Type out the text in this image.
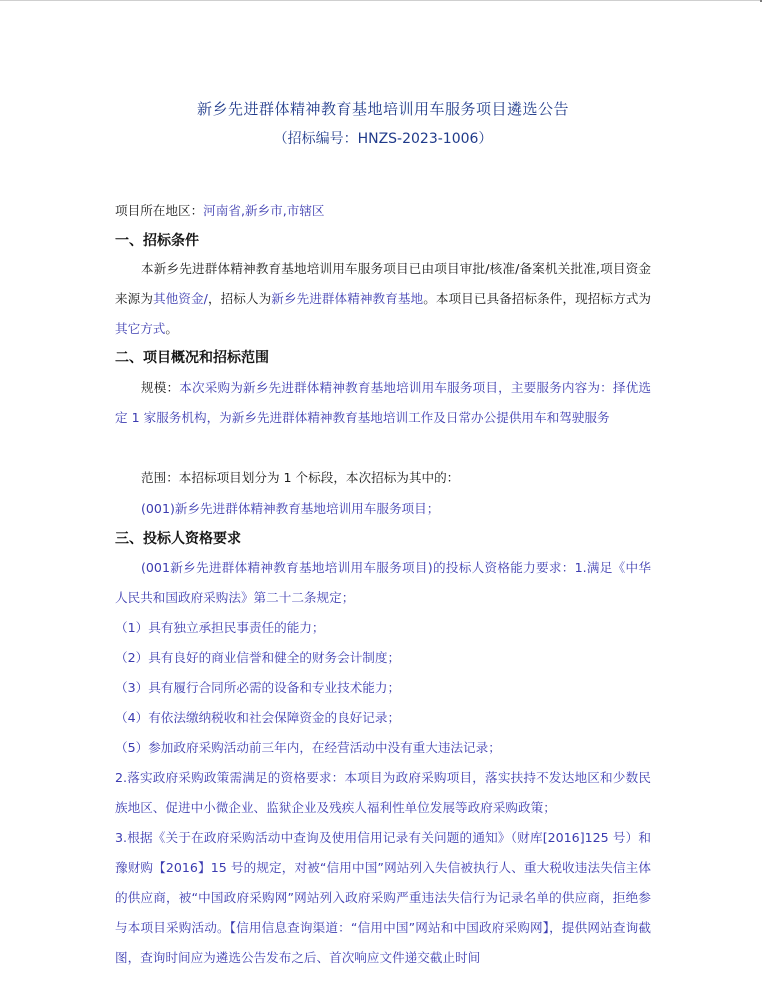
新乡先进群体精神教育基地培训用车服务项目遴选公告
（招标编号：HNZS-2023-1006）
项目所在地区：河南省,新乡市,市辖区
一、招标条件
本新乡先进群体精神教育基地培训用车服务项目已由项目审批/核准/备案机关批准,项目资金来源为其他资金/，招标人为新乡先进群体精神教育基地。本项目已具备招标条件，现招标方式为其它方式。
二、项目概况和招标范围
规模：本次采购为新乡先进群体精神教育基地培训用车服务项目，主要服务内容为：择优选定 1 家服务机构，为新乡先进群体精神教育基地培训工作及日常办公提供用车和驾驶服务
范围：本招标项目划分为 1 个标段，本次招标为其中的：
(001)新乡先进群体精神教育基地培训用车服务项目；
三、投标人资格要求
(001新乡先进群体精神教育基地培训用车服务项目)的投标人资格能力要求：1.满足《中华人民共和国政府采购法》第二十二条规定；
（1）具有独立承担民事责任的能力；
（2）具有良好的商业信誉和健全的财务会计制度；
（3）具有履行合同所必需的设备和专业技术能力；
（4）有依法缴纳税收和社会保障资金的良好记录；
（5）参加政府采购活动前三年内，在经营活动中没有重大违法记录；
2.落实政府采购政策需满足的资格要求：本项目为政府采购项目，落实扶持不发达地区和少数民族地区、促进中小微企业、监狱企业及残疾人福利性单位发展等政府采购政策；
3.根据《关于在政府采购活动中查询及使用信用记录有关问题的通知》（财库[2016]125 号）和豫财购【2016】15 号的规定，对被“信用中国”网站列入失信被执行人、重大税收违法失信主体的供应商，被“中国政府采购网”网站列入政府采购严重违法失信行为记录名单的供应商，拒绝参与本项目采购活动。【信用信息查询渠道：“信用中国”网站和中国政府采购网】，提供网站查询截图，查询时间应为遴选公告发布之后、首次响应文件递交截止时间
